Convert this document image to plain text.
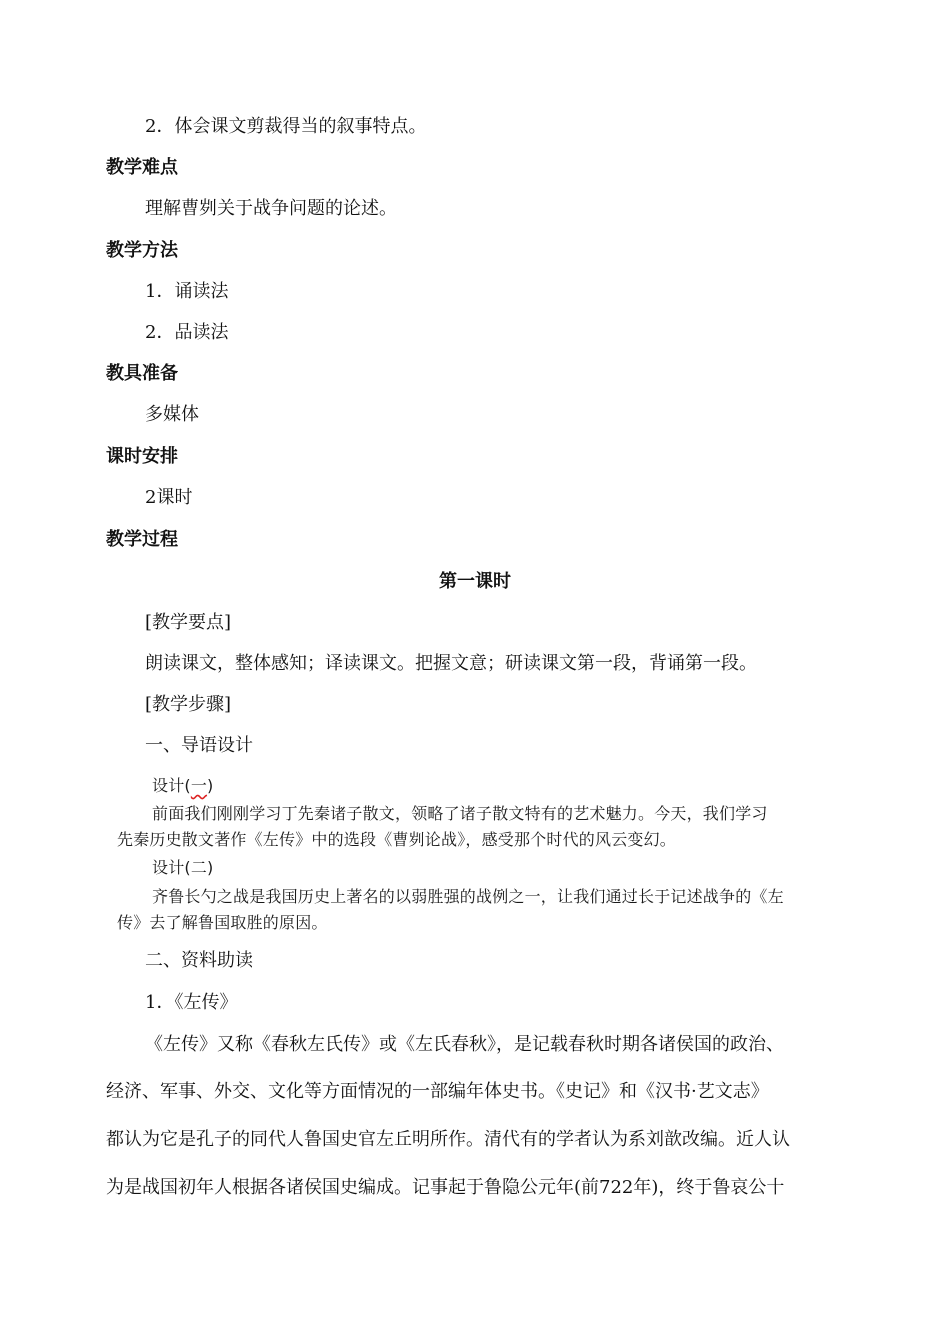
2．体会课文剪裁得当的叙事特点。
教学难点
理解曹刿关于战争问题的论述。
教学方法
1．诵读法
2．品读法
教具准备
多媒体
课时安排
2课时
教学过程
第一课时
[教学要点]
朗读课文，整体感知；译读课文。把握文意；研读课文第一段，背诵第一段。
[教学步骤]
一、导语设计
设计(一)
前面我们刚刚学习丁先秦诸子散文，领略了诸子散文特有的艺术魅力。今天，我们学习
先秦历史散文著作《左传》中的选段《曹刿论战》，感受那个时代的风云变幻。
设计(二)
齐鲁长勺之战是我国历史上著名的以弱胜强的战例之一，让我们通过长于记述战争的《左
传》去了解鲁国取胜的原因。
二、资料助读
1．《左传》
《左传》又称《春秋左氏传》或《左氏春秋》，是记载春秋时期各诸侯国的政治、
经济、军事、外交、文化等方面情况的一部编年体史书。《史记》和《汉书·艺文志》
都认为它是孔子的同代人鲁国史官左丘明所作。清代有的学者认为系刘歆改编。近人认
为是战国初年人根据各诸侯国史编成。记事起于鲁隐公元年(前722年)，终于鲁哀公十
